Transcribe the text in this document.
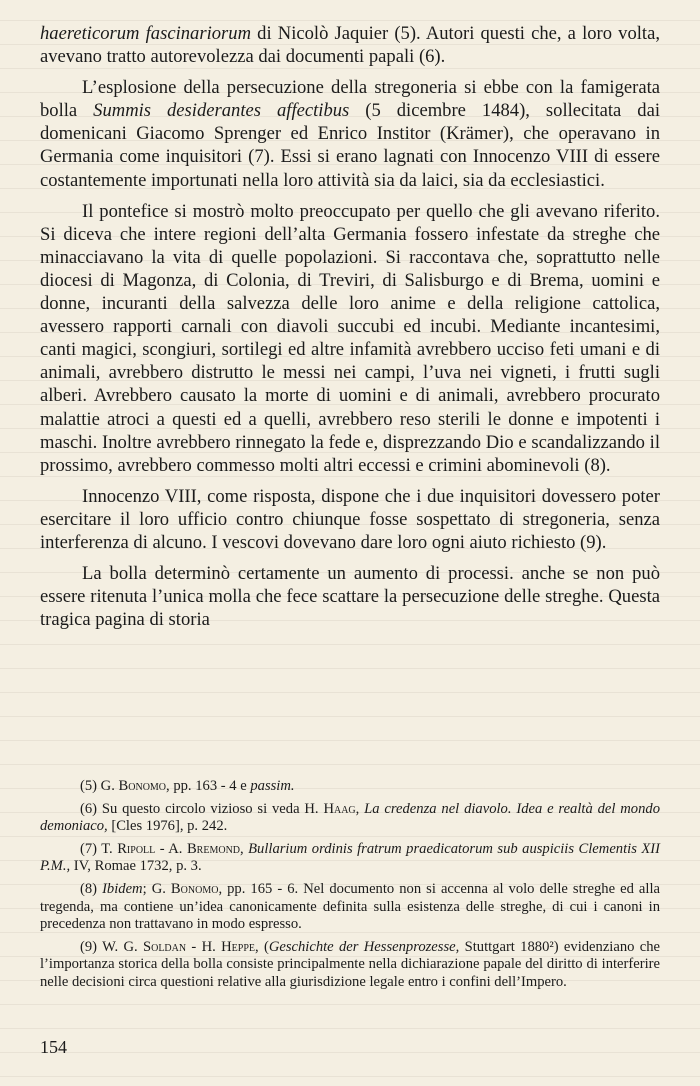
haereticorum fascinariorum di Nicolò Jaquier (5). Autori questi che, a loro volta, avevano tratto autorevolezza dai documenti papali (6).

L’esplosione della persecuzione della stregoneria si ebbe con la famigerata bolla Summis desiderantes affectibus (5 dicembre 1484), sollecitata dai domenicani Giacomo Sprenger ed Enrico Institor (Krämer), che operavano in Germania come inquisitori (7). Essi si erano lagnati con Innocenzo VIII di essere costantemente importunati nella loro attività sia da laici, sia da ecclesiastici.

Il pontefice si mostrò molto preoccupato per quello che gli avevano riferito. Si diceva che intere regioni dell’alta Germania fossero infestate da streghe che minacciavano la vita di quelle popolazioni. Si raccontava che, soprattutto nelle diocesi di Magonza, di Colonia, di Treviri, di Salisburgo e di Brema, uomini e donne, incuranti della salvezza delle loro anime e della religione cattolica, avessero rapporti carnali con diavoli succubi ed incubi. Mediante incantesimi, canti magici, scongiuri, sortilegi ed altre infamità avrebbero ucciso feti umani e di animali, avrebbero distrutto le messi nei campi, l’uva nei vigneti, i frutti sugli alberi. Avrebbero causato la morte di uomini e di animali, avrebbero procurato malattie atroci a questi ed a quelli, avrebbero reso sterili le donne e impotenti i maschi. Inoltre avrebbero rinnegato la fede e, disprezzando Dio e scandalizzando il prossimo, avrebbero commesso molti altri eccessi e crimini abominevoli (8).

Innocenzo VIII, come risposta, dispone che i due inquisitori dovessero poter esercitare il loro ufficio contro chiunque fosse sospettato di stregoneria, senza interferenza di alcuno. I vescovi dovevano dare loro ogni aiuto richiesto (9).

La bolla determinò certamente un aumento di processi. anche se non può essere ritenuta l’unica molla che fece scattare la persecuzione delle streghe. Questa tragica pagina di storia

(5) G. Bonomo, pp. 163 - 4 e passim.

(6) Su questo circolo vizioso si veda H. Haag, La credenza nel diavolo. Idea e realtà del mondo demoniaco, [Cles 1976], p. 242.

(7) T. Ripoll - A. Bremond, Bullarium ordinis fratrum praedicatorum sub auspiciis Clementis XII P.M., IV, Romae 1732, p. 3.

(8) Ibidem; G. Bonomo, pp. 165 - 6. Nel documento non si accenna al volo delle streghe ed alla tregenda, ma contiene un’idea canonicamente definita sulla esistenza delle streghe, di cui i canoni in precedenza non trattavano in modo espresso.

(9) W. G. Soldan - H. Heppe, (Geschichte der Hessenprozesse, Stuttgart 1880²) evidenziano che l’importanza storica della bolla consiste principalmente nella dichiarazione papale del diritto di interferire nelle decisioni circa questioni relative alla giurisdizione legale entro i confini dell’Impero.

154
